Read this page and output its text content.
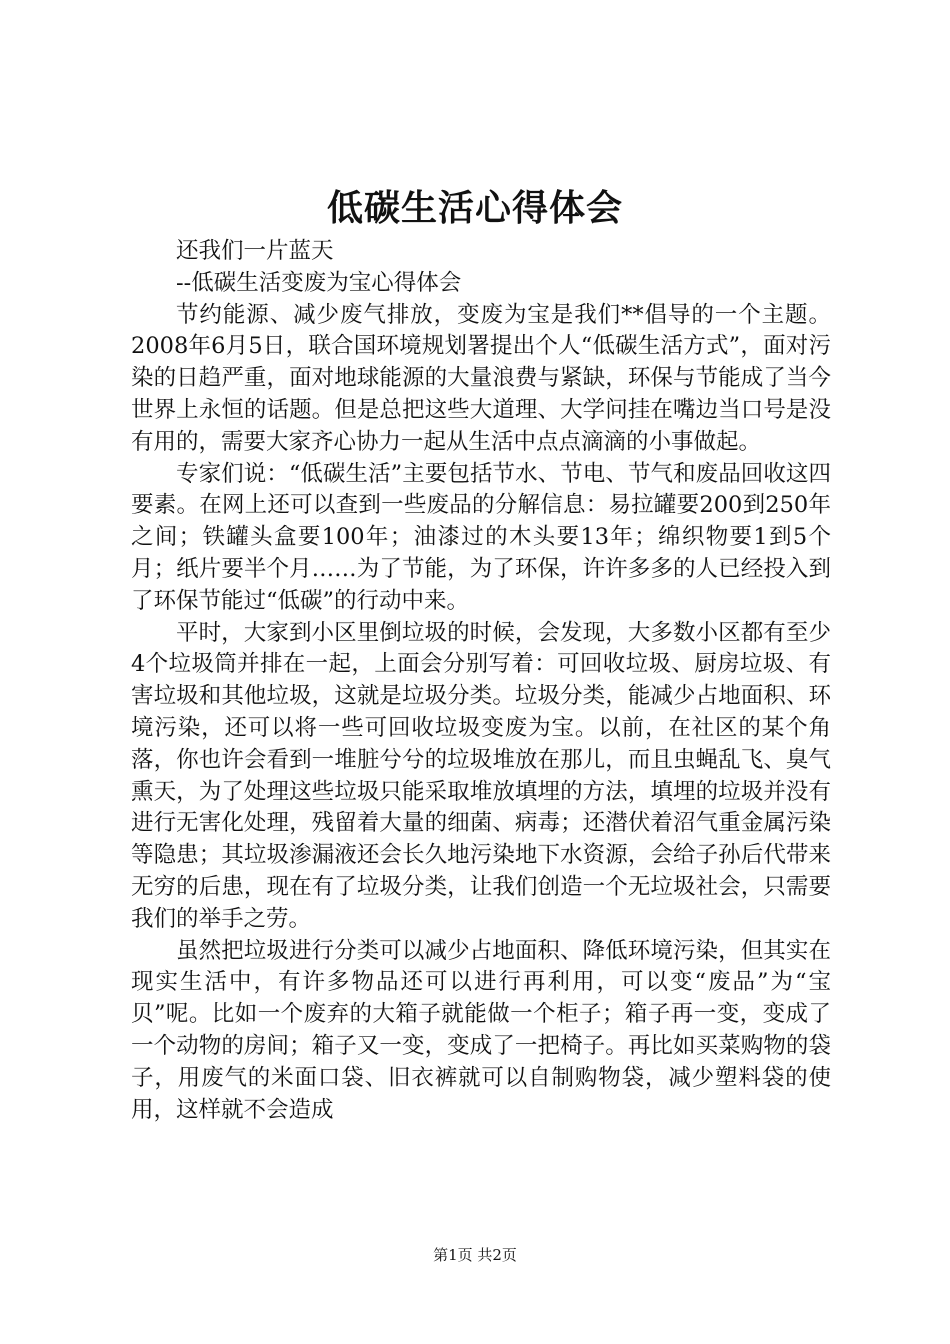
低碳生活心得体会

还我们一片蓝天

--低碳生活变废为宝心得体会

节约能源、减少废气排放，变废为宝是我们**倡导的一个主题。2008年6月5日，联合国环境规划署提出个人“低碳生活方式”，面对污染的日趋严重，面对地球能源的大量浪费与紧缺，环保与节能成了当今世界上永恒的话题。但是总把这些大道理、大学问挂在嘴边当口号是没有用的，需要大家齐心协力一起从生活中点点滴滴的小事做起。

专家们说：“低碳生活”主要包括节水、节电、节气和废品回收这四要素。在网上还可以查到一些废品的分解信息：易拉罐要200到250年之间；铁罐头盒要100年；油漆过的木头要13年；绵织物要1到5个月；纸片要半个月……为了节能，为了环保，许许多多的人已经投入到了环保节能过“低碳”的行动中来。

平时，大家到小区里倒垃圾的时候，会发现，大多数小区都有至少4个垃圾筒并排在一起，上面会分别写着：可回收垃圾、厨房垃圾、有害垃圾和其他垃圾，这就是垃圾分类。垃圾分类，能减少占地面积、环境污染，还可以将一些可回收垃圾变废为宝。以前，在社区的某个角落，你也许会看到一堆脏兮兮的垃圾堆放在那儿，而且虫蝇乱飞、臭气熏天，为了处理这些垃圾只能采取堆放填埋的方法，填埋的垃圾并没有进行无害化处理，残留着大量的细菌、病毒；还潜伏着沼气重金属污染等隐患；其垃圾渗漏液还会长久地污染地下水资源，会给子孙后代带来无穷的后患，现在有了垃圾分类，让我们创造一个无垃圾社会，只需要我们的举手之劳。

虽然把垃圾进行分类可以减少占地面积、降低环境污染，但其实在现实生活中，有许多物品还可以进行再利用，可以变“废品”为“宝贝”呢。比如一个废弃的大箱子就能做一个柜子；箱子再一变，变成了一个动物的房间；箱子又一变，变成了一把椅子。再比如买菜购物的袋子，用废气的米面口袋、旧衣裤就可以自制购物袋，减少塑料袋的使用，这样就不会造成

第1页 共2页
